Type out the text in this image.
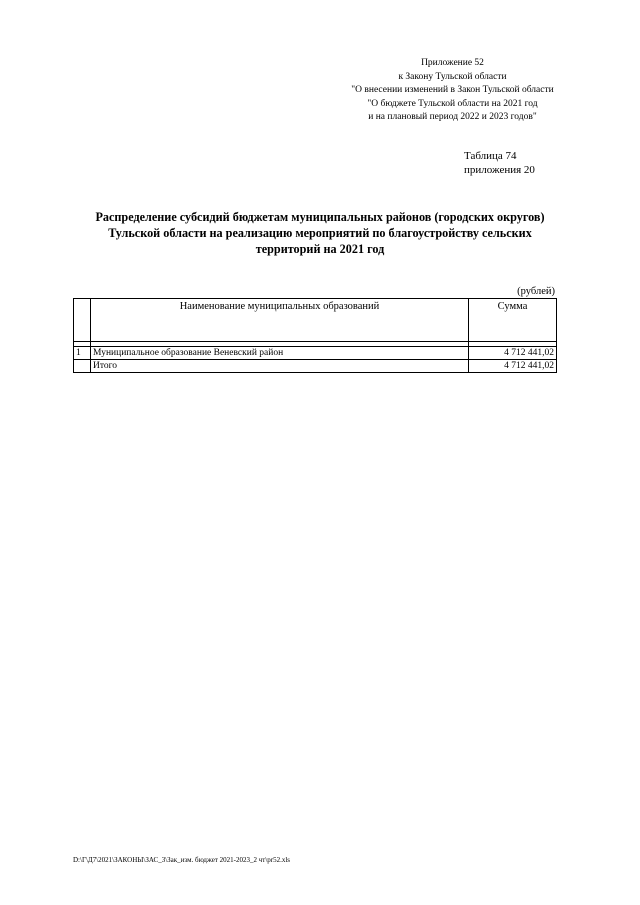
Приложение 52
к Закону Тульской области
"О внесении изменений в Закон Тульской области
"О бюджете Тульской области на 2021 год
и на плановый период 2022 и 2023 годов"
Таблица 74
приложения 20
Распределение субсидий бюджетам муниципальных районов (городских округов)
Тульской области на реализацию мероприятий по благоустройству сельских
территорий на 2021 год
(рублей)
	Наименование муниципальных образований	Сумма

1	Муниципальное образование Веневский район	4 712 441,02
	Итого	4 712 441,02
D:\Г\Д7\2021\ЗАКОНЫ\ЗАС_3\Зак_изм. бюджет 2021-2023_2 чт\pr52.xls
